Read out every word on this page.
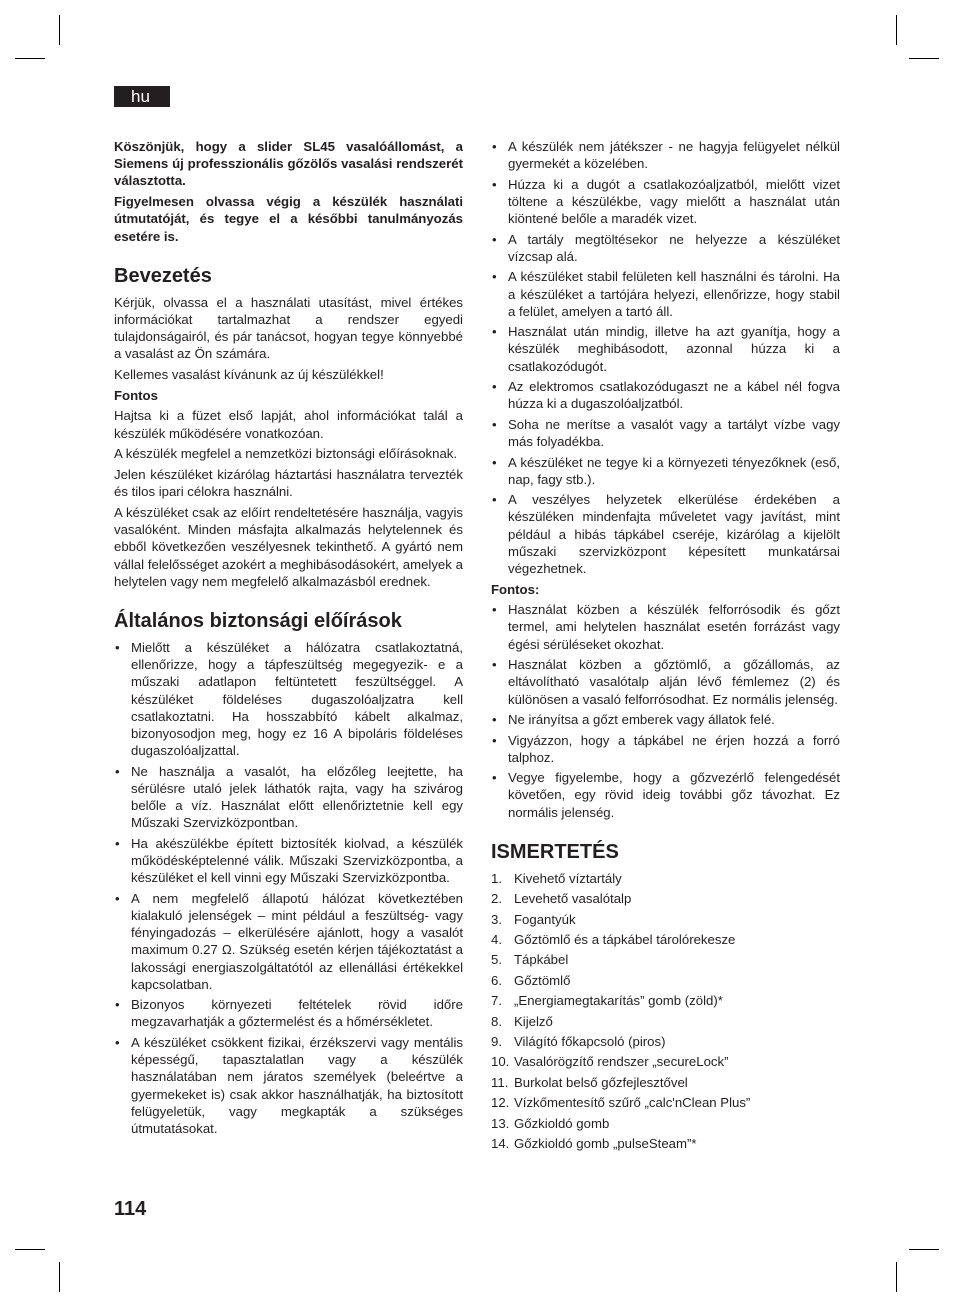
hu

Köszönjük, hogy a slider SL45 vasalóállomást, a Siemens új professzionális gőzölős vasalási rendszerét választotta.

Figyelmesen olvassa végig a készülék használati útmutatóját, és tegye el a későbbi tanulmányozás esetére is.

Bevezetés

Kérjük, olvassa el a használati utasítást, mivel értékes információkat tartalmazhat a rendszer egyedi tulajdonságairól, és pár tanácsot, hogyan tegye könnyebbé a vasalást az Ön számára.

Kellemes vasalást kívánunk az új készülékkel!

Fontos

Hajtsa ki a füzet első lapját, ahol információkat talál a készülék működésére vonatkozóan.

A készülék megfelel a nemzetközi biztonsági előírásoknak.

Jelen készüléket kizárólag háztartási használatra tervezték és tilos ipari célokra használni.

A készüléket csak az előírt rendeltetésére használja, vagyis vasalóként. Minden másfajta alkalmazás helytelennek és ebből következően veszélyesnek tekinthető. A gyártó nem vállal felelősséget azokért a meghibásodásokért, amelyek a helytelen vagy nem megfelelő alkalmazásból erednek.

Általános biztonsági előírások
• Mielőtt a készüléket a hálózatra csatlakoztatná, ellenőrizze, hogy a tápfeszültség megegyezik- e a műszaki adatlapon feltüntetett feszültséggel. A készüléket földeléses dugaszolóaljzatra kell csatlakoztatni. Ha hosszabbító kábelt alkalmaz, bizonyosodjon meg, hogy ez 16 A bipoláris földeléses dugaszolóaljzattal.
• Ne használja a vasalót, ha előzőleg leejtette, ha sérülésre utaló jelek láthatók rajta, vagy ha szivárog belőle a víz. Használat előtt ellenőriztetnie kell egy Műszaki Szervizközpontban.
• Ha akészülékbe épített biztosíték kiolvad, a készülék működésképtelenné válik. Műszaki Szervizközpontba, a készüléket el kell vinni egy Műszaki Szervizközpontba.
• A nem megfelelő állapotú hálózat következtében kialakuló jelenségek – mint például a feszültség- vagy fényingadozás – elkerülésére ajánlott, hogy a vasalót maximum 0.27 Ω. Szükség esetén kérjen tájékoztatást a lakossági energiaszolgáltatótól az ellenállási értékekkel kapcsolatban.
• Bizonyos környezeti feltételek rövid időre megzavarhatják a gőztermelést és a hőmérsékletet.
• A készüléket csökkent fizikai, érzékszervi vagy mentális képességű, tapasztalatlan vagy a készülék használatában nem járatos személyek (beleértve a gyermekeket is) csak akkor használhatják, ha biztosított felügyeletük, vagy megkapták a szükséges útmutatásokat.
• A készülék nem játékszer - ne hagyja felügyelet nélkül gyermekét a közelében.
• Húzza ki a dugót a csatlakozóaljzatból, mielőtt vizet töltene a készülékbe, vagy mielőtt a használat után kiöntené belőle a maradék vizet.
• A tartály megtöltésekor ne helyezze a készüléket vízcsap alá.
• A készüléket stabil felületen kell használni és tárolni. Ha a készüléket a tartójára helyezi, ellenőrizze, hogy stabil a felület, amelyen a tartó áll.
• Használat után mindig, illetve ha azt gyanítja, hogy a készülék meghibásodott, azonnal húzza ki a csatlakozódugót.
• Az elektromos csatlakozódugaszt ne a kábel nél fogva húzza ki a dugaszolóaljzatból.
• Soha ne merítse a vasalót vagy a tartályt vízbe vagy más folyadékba.
• A készüléket ne tegye ki a környezeti tényezőknek (eső, nap, fagy stb.).
• A veszélyes helyzetek elkerülése érdekében a készüléken mindenfajta műveletet vagy javítást, mint például a hibás tápkábel cseréje, kizárólag a kijelölt műszaki szervizközpont képesített munkatársai végezhetnek.

Fontos:

• Használat közben a készülék felforrósodik és gőzt termel, ami helytelen használat esetén forrázást vagy égési sérüléseket okozhat.
• Használat közben a gőztömlő, a gőzállomás, az eltávolítható vasalótalp alján lévő fémlemez (2) és különösen a vasaló felforrósodhat. Ez normális jelenség.
• Ne irányítsa a gőzt emberek vagy állatok felé.
• Vigyázzon, hogy a tápkábel ne érjen hozzá a forró talphoz.
• Vegye figyelembe, hogy a gőzvezérlő felengedését követően, egy rövid ideig további gőz távozhat. Ez normális jelenség.
ISMERTETÉS
1. Kivehető víztartály
2. Levehető vasalótalp
3. Fogantyúk
4. Gőztömlő és a tápkábel tárolórekesze
5. Tápkábel
6. Gőztömlő
7. „Energiamegtakarítás” gomb (zöld)*
8. Kijelző
9. Világító főkapcsoló (piros)
10. Vasalórögzítő rendszer „secureLock”
11. Burkolat belső gőzfejlesztővel
12. Vízkőmentesítő szűrő „calc'nClean Plus”
13. Gőzkioldó gomb
14. Gőzkioldó gomb „pulseSteam”*
114
